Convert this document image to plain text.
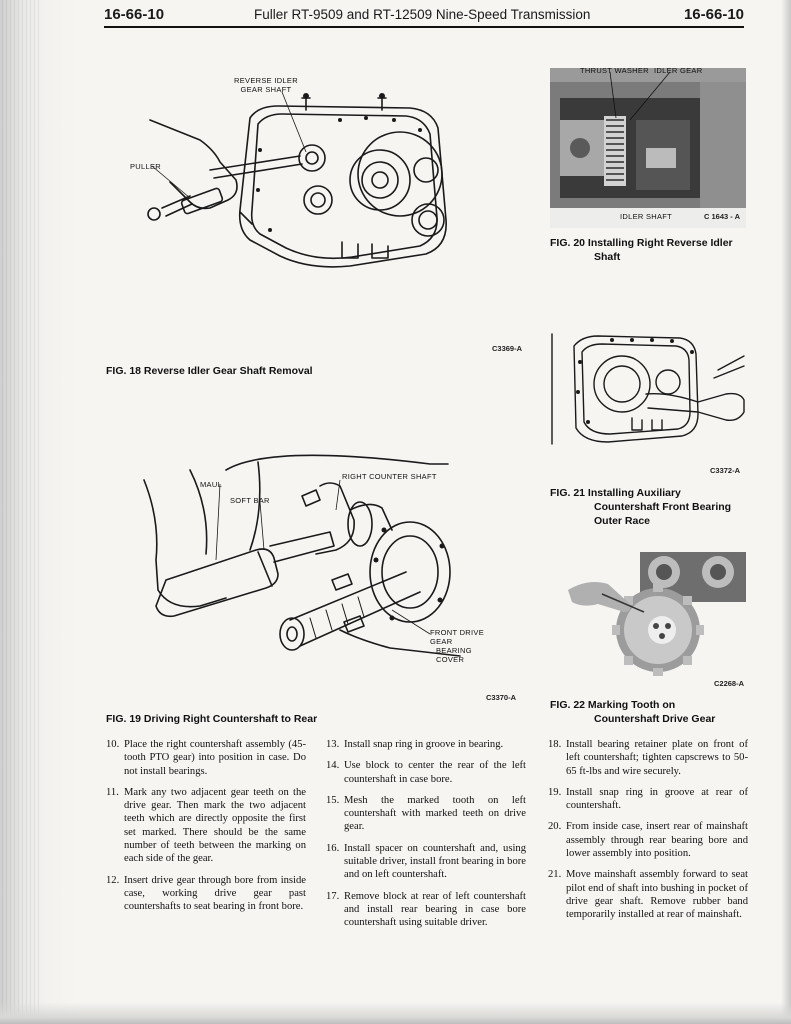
16-66-10	Fuller RT-9509 and RT-12509 Nine-Speed Transmission	16-66-10
REVERSE IDLER
GEAR SHAFT
PULLER
C3369-A
FIG. 18 Reverse Idler Gear Shaft Removal
THRUST WASHER IDLER GEAR
IDLER SHAFT	C 1643 - A
FIG. 20 Installing Right Reverse Idler
Shaft
C3372-A
FIG. 21 Installing Auxiliary
Countershaft Front Bearing
Outer Race
MAUL
SOFT BAR
RIGHT COUNTER SHAFT
FRONT DRIVE GEAR
BEARING COVER
C3370-A
FIG. 19 Driving Right Countershaft to Rear
C2268-A
FIG. 22 Marking Tooth on
Countershaft Drive Gear
10. Place the right countershaft assembly (45-tooth PTO gear) into position in case. Do not install bearings.
11. Mark any two adjacent gear teeth on the drive gear. Then mark the two adjacent teeth which are directly opposite the first set marked. There should be the same number of teeth between the marking on each side of the gear.
12. Insert drive gear through bore from inside case, working drive gear past countershafts to seat bearing in front bore.
13. Install snap ring in groove in bearing.
14. Use block to center the rear of the left countershaft in case bore.
15. Mesh the marked tooth on left countershaft with marked teeth on drive gear.
16. Install spacer on countershaft and, using suitable driver, install front bearing in bore and on left countershaft.
17. Remove block at rear of left countershaft and install rear bearing in case bore countershaft using suitable driver.
18. Install bearing retainer plate on front of left countershaft; tighten capscrews to 50-65 ft-lbs and wire securely.
19. Install snap ring in groove at rear of countershaft.
20. From inside case, insert rear of mainshaft assembly through rear bearing bore and lower assembly into position.
21. Move mainshaft assembly forward to seat pilot end of shaft into bushing in pocket of drive gear shaft. Remove rubber band temporarily installed at rear of mainshaft.
